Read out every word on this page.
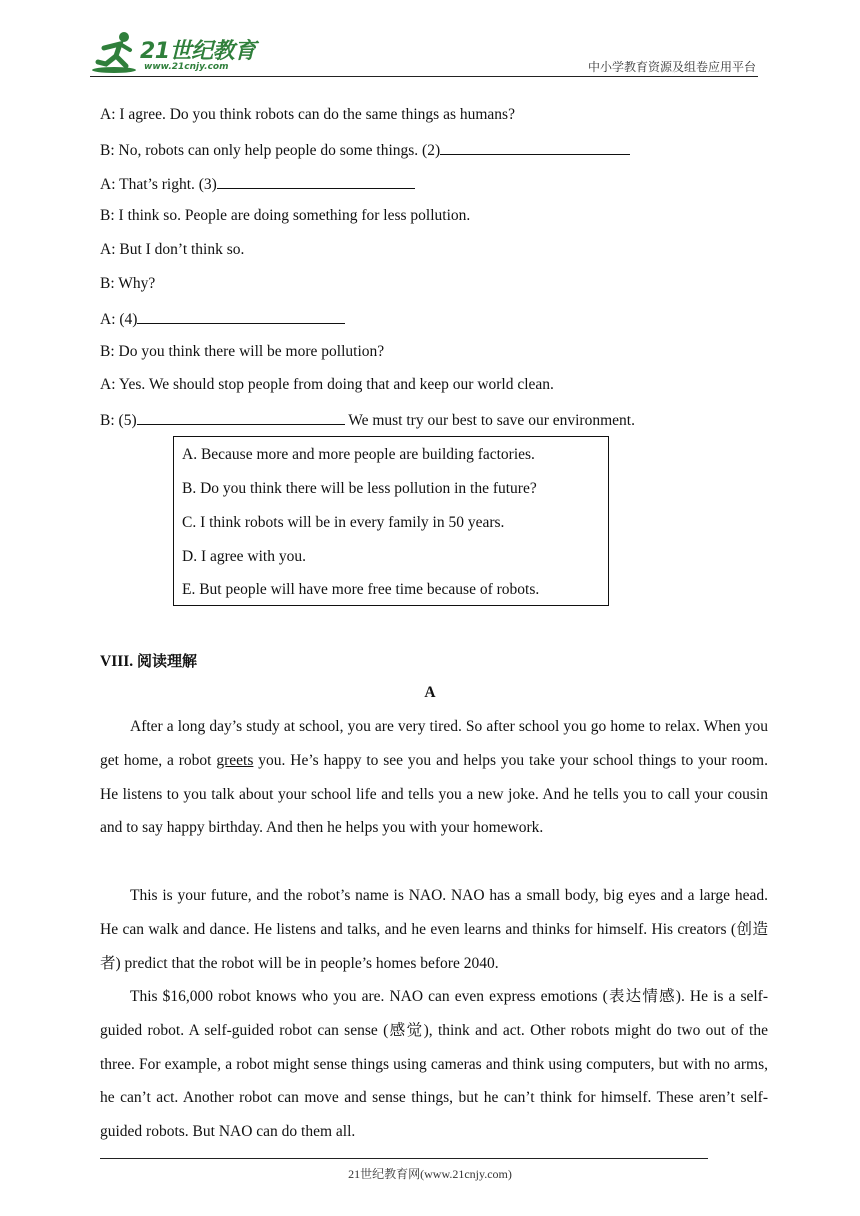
21世纪教育
www.21cnjy.com	中小学教育资源及组卷应用平台
A: I agree. Do you think robots can do the same things as humans?
B: No, robots can only help people do some things. (2)
A: That’s right. (3)
B: I think so. People are doing something for less pollution.
A: But I don’t think so.
B: Why?
A: (4)
B: Do you think there will be more pollution?
A: Yes. We should stop people from doing that and keep our world clean.
B: (5)	We must try our best to save our environment.
A. Because more and more people are building factories.
B. Do you think there will be less pollution in the future?
C. I think robots will be in every family in 50 years.
D. I agree with you.
E. But people will have more free time because of robots.
VIII. 阅读理解
A

After a long day’s study at school, you are very tired. So after school you go home to relax. When you get home, a robot greets you. He’s happy to see you and helps you take your school things to your room. He listens to you talk about your school life and tells you a new joke. And he tells you to call your cousin and to say happy birthday. And then he helps you with your homework.

This is your future, and the robot’s name is NAO. NAO has a small body, big eyes and a large head. He can walk and dance. He listens and talks, and he even learns and thinks for himself. His creators (创造者) predict that the robot will be in people’s homes before 2040.

This $16,000 robot knows who you are. NAO can even express emotions (表达情感). He is a self-guided robot. A self-guided robot can sense (感觉), think and act. Other robots might do two out of the three. For example, a robot might sense things using cameras and think using computers, but with no arms, he can’t act. Another robot can move and sense things, but he can’t think for himself. These aren’t self-guided robots. But NAO can do them all.

21世纪教育网(www.21cnjy.com)
